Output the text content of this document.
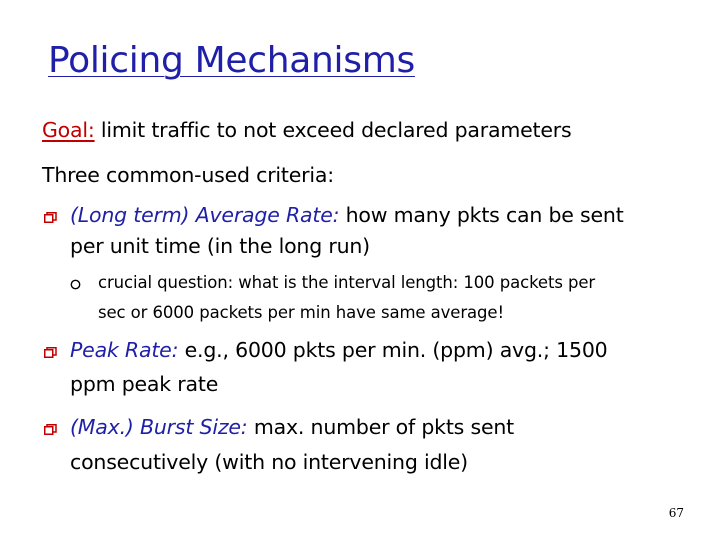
Policing Mechanisms
Goal: limit traffic to not exceed declared parameters
Three common-used criteria:
(Long term) Average Rate: how many pkts can be sent
per unit time (in the long run)
crucial question: what is the interval length: 100 packets per
sec or 6000 packets per min have same average!
Peak Rate: e.g., 6000 pkts per min. (ppm) avg.; 1500
ppm peak rate
(Max.) Burst Size: max. number of pkts sent
consecutively (with no intervening idle)
67
